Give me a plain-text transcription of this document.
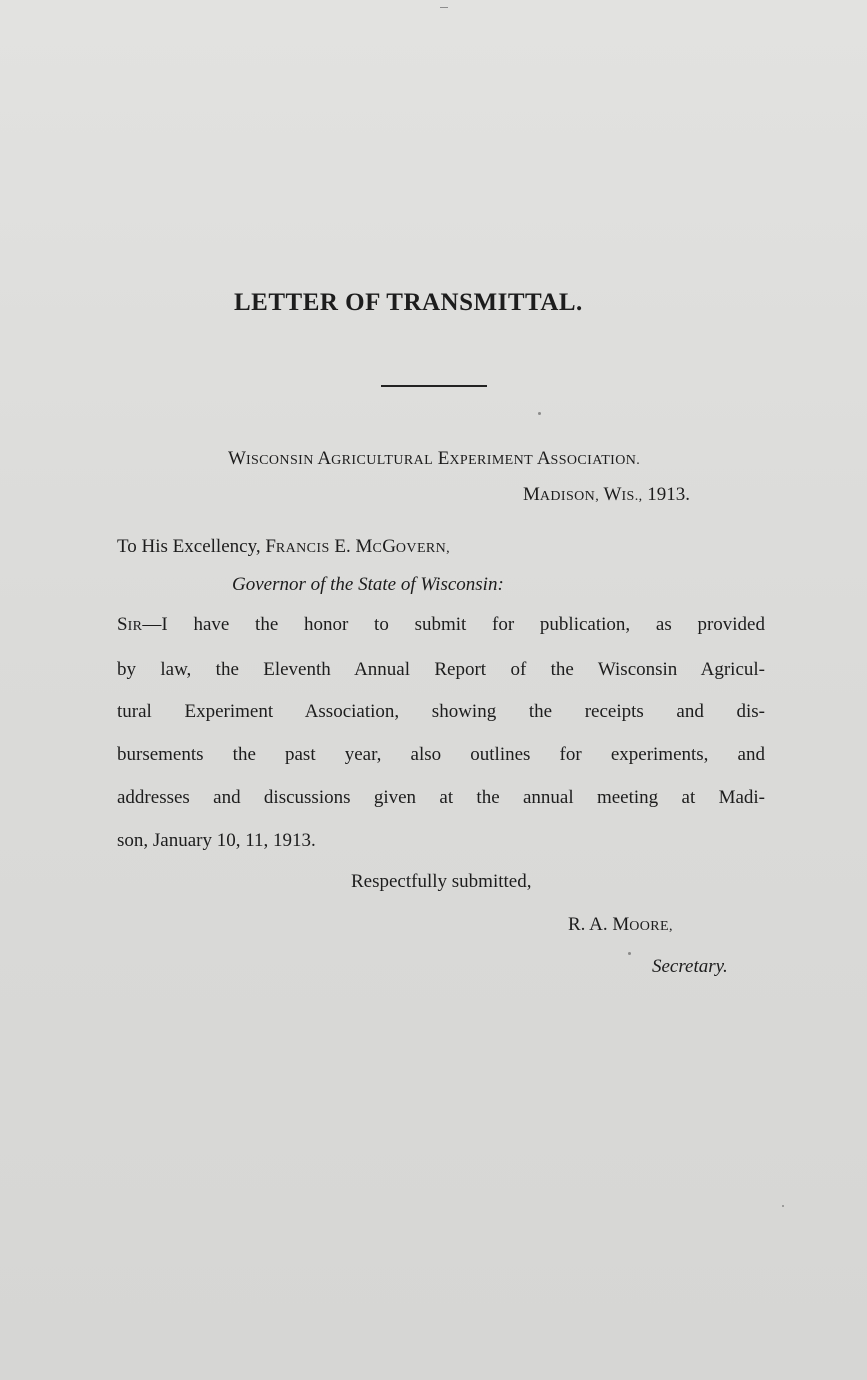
LETTER OF TRANSMITTAL.
WISCONSIN AGRICULTURAL EXPERIMENT ASSOCIATION.
MADISON, WIS., 1913.
To His Excellency, FRANCIS E. MCGOVERN,
Governor of the State of Wisconsin:
SIR—I have the honor to submit for publication, as provided
by law, the Eleventh Annual Report of the Wisconsin Agricul-
tural Experiment Association, showing the receipts and dis-
bursements the past year, also outlines for experiments, and
addresses and discussions given at the annual meeting at Madi-
son, January 10, 11, 1913.
Respectfully submitted,
R. A. MOORE,
Secretary.
